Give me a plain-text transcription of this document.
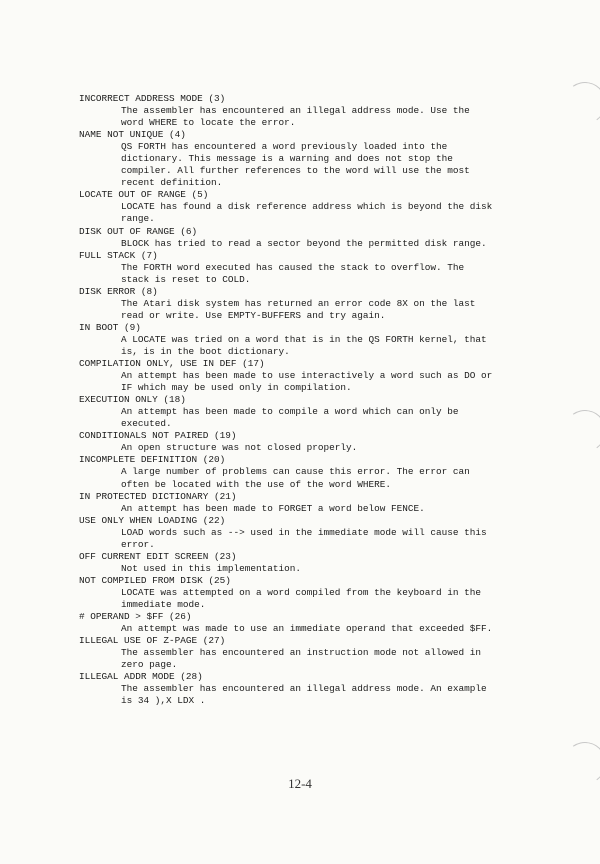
INCORRECT ADDRESS MODE (3)
The assembler has encountered an illegal address mode. Use the
word WHERE to locate the error.
NAME NOT UNIQUE (4)
QS FORTH has encountered a word previously loaded into the
dictionary. This message is a warning and does not stop the
compiler. All further references to the word will use the most
recent definition.
LOCATE OUT OF RANGE (5)
LOCATE has found a disk reference address which is beyond the disk
range.
DISK OUT OF RANGE (6)
BLOCK has tried to read a sector beyond the permitted disk range.
FULL STACK (7)
The FORTH word executed has caused the stack to overflow. The
stack is reset to COLD.
DISK ERROR (8)
The Atari disk system has returned an error code 8X on the last
read or write. Use EMPTY-BUFFERS and try again.
IN BOOT (9)
A LOCATE was tried on a word that is in the QS FORTH kernel, that
is, is in the boot dictionary.
COMPILATION ONLY, USE IN DEF (17)
An attempt has been made to use interactively a word such as DO or
IF which may be used only in compilation.
EXECUTION ONLY (18)
An attempt has been made to compile a word which can only be
executed.
CONDITIONALS NOT PAIRED (19)
An open structure was not closed properly.
INCOMPLETE DEFINITION (20)
A large number of problems can cause this error. The error can
often be located with the use of the word WHERE.
IN PROTECTED DICTIONARY (21)
An attempt has been made to FORGET a word below FENCE.
USE ONLY WHEN LOADING (22)
LOAD words such as --> used in the immediate mode will cause this
error.
OFF CURRENT EDIT SCREEN (23)
Not used in this implementation.
NOT COMPILED FROM DISK (25)
LOCATE was attempted on a word compiled from the keyboard in the
immediate mode.
# OPERAND > $FF (26)
An attempt was made to use an immediate operand that exceeded $FF.
ILLEGAL USE OF Z-PAGE (27)
The assembler has encountered an instruction mode not allowed in
zero page.
ILLEGAL ADDR MODE (28)
The assembler has encountered an illegal address mode. An example
is 34 ),X LDX .
12-4
